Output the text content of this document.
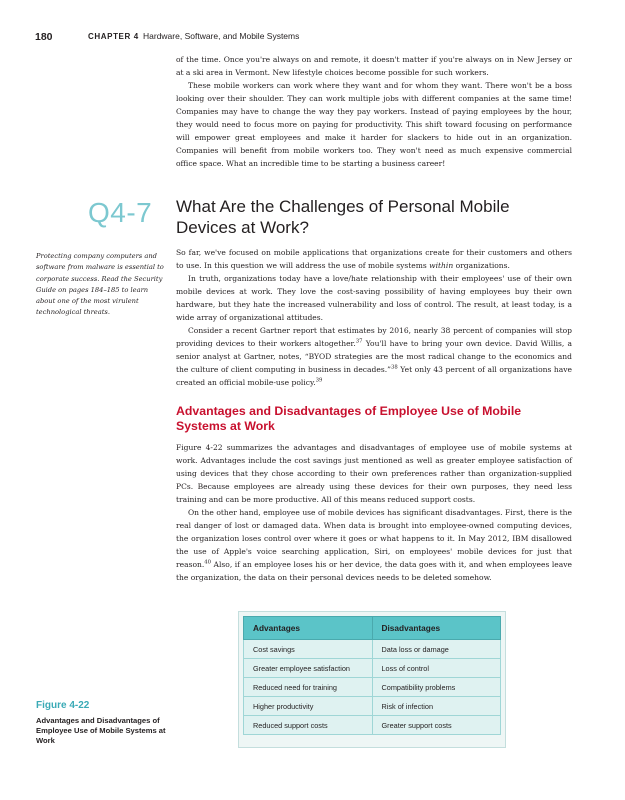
180	CHAPTER 4 Hardware, Software, and Mobile Systems

of the time. Once you're always on and remote, it doesn't matter if you're always on in New Jersey or at a ski area in Vermont. New lifestyle choices become possible for such workers.

These mobile workers can work where they want and for whom they want. There won't be a boss looking over their shoulder. They can work multiple jobs with different companies at the same time! Companies may have to change the way they pay workers. Instead of paying employees by the hour, they would need to focus more on paying for productivity. This shift toward focusing on performance will empower great employees and make it harder for slackers to hide out in an organization. Companies will benefit from mobile workers too. They won't need as much expensive commercial office space. What an incredible time to be starting a business career!

Q4-7	What Are the Challenges of Personal Mobile Devices at Work?
Protecting company computers and software from malware is essential to corporate success. Read the Security Guide on pages 184–185 to learn about one of the most virulent technological threats.

So far, we've focused on mobile applications that organizations create for their customers and others to use. In this question we will address the use of mobile systems within organizations.

In truth, organizations today have a love/hate relationship with their employees' use of their own mobile devices at work. They love the cost-saving possibility of having employees buy their own hardware, but they hate the increased vulnerability and loss of control. The result, at least today, is a wide array of organizational attitudes.

Consider a recent Gartner report that estimates by 2016, nearly 38 percent of companies will stop providing devices to their workers altogether.$^{37}$ You'll have to bring your own device. David Willis, a senior analyst at Gartner, notes, “BYOD strategies are the most radical change to the economics and the culture of client computing in business in decades.”$^{38}$ Yet only 43 percent of all organizations have created an official mobile-use policy.$^{39}$

Advantages and Disadvantages of Employee Use of Mobile Systems at Work

Figure 4-22 summarizes the advantages and disadvantages of employee use of mobile systems at work. Advantages include the cost savings just mentioned as well as greater employee satisfaction of using devices that they chose according to their own preferences rather than organization-supplied PCs. Because employees are already using these devices for their own purposes, they need less training and can be more productive. All of this means reduced support costs.

On the other hand, employee use of mobile devices has significant disadvantages. First, there is the real danger of lost or damaged data. When data is brought into employee-owned computing devices, the organization loses control over where it goes or what happens to it. In May 2012, IBM disallowed the use of Apple's voice searching application, Siri, on employees' mobile devices for just that reason.$^{40}$ Also, if an employee loses his or her device, the data goes with it, and when employees leave the organization, the data on their personal devices needs to be deleted somehow.

Advantages	Disadvantages
Cost savings	Data loss or damage
Greater employee satisfaction	Loss of control
Reduced need for training	Compatibility problems
Higher productivity	Risk of infection
Reduced support costs	Greater support costs
Figure 4-22
Advantages and Disadvantages of Employee Use of Mobile Systems at Work
